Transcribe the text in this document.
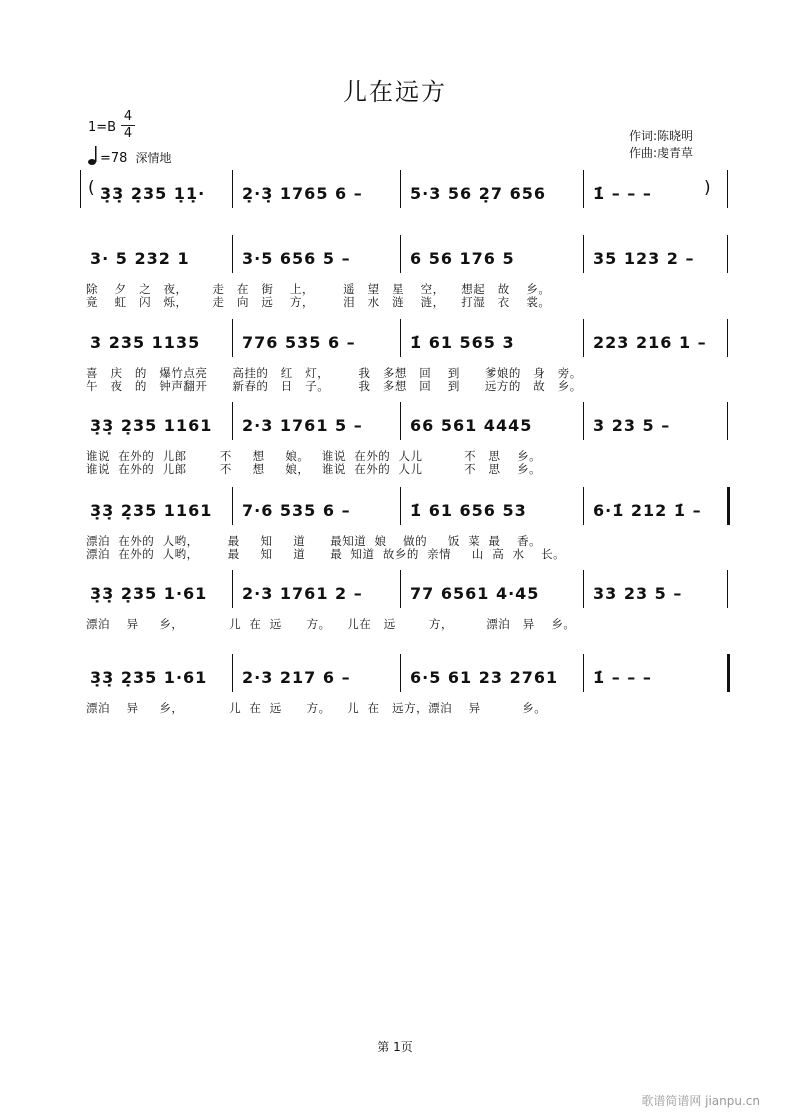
儿在远方
1=B
4
4
=78 深情地
作词:陈晓明
作曲:虔青草
(	)
3̣3̣ 2̣35 1̣1̣· 2̣·3̣ 1765 6 –	5·3 56 2̣7 656	1̇ – – –
3· 5 232 1	3·5 656 5 –	6 56 176 5	35 123 2 –
除    夕   之   夜，      走   在   街    上，       遥   望   星    空，    想起   故    乡。
竟    虹   闪   烁，      走   向   远    方，       泪   水   涟    涟，    打湿   衣    裳。
3 235 1135	776 535 6 –	1̇ 61 565 3	223 216 1 –
喜   庆   的   爆竹点亮      高挂的   红   灯，       我   多想   回    到      爹娘的   身   旁。
午   夜   的   钟声翻开      新春的   日   子。       我   多想   回    到      远方的   故   乡。
3̣3̣ 2̣35 1161 2·3 1761 5 –	66 561 4445	3 23 5 –
谁说  在外的  儿郎        不     想     娘。   谁说  在外的  人儿          不   思    乡。
谁说  在外的  儿郎        不     想     娘，   谁说  在外的  人儿          不   思    乡。
3̣3̣ 2̣35 1161 7·6 535 6 –	1̇ 61 656 53	6·1̇ 212 1̇ –
漂泊  在外的  人哟，       最     知     道      最知道  娘    做的     饭  菜  最    香。
漂泊  在外的  人哟，       最     知     道      最  知道  故乡的  亲情     山  高  水    长。
3̣3̣ 2̣35 1·61 2·3 1761 2 –	77 6561 4·45	33 23 5 –
漂泊    异     乡，           儿  在  远      方。    儿在   远        方，        漂泊   异    乡。
3̣3̣ 2̣35 1·61 2·3 217 6 –	6·5 61 23 2761 1̇ – – –
漂泊    异     乡，           儿  在  远      方。    儿  在   远方，漂泊    异          乡。
第 1页
歌谱简谱网 jianpu.cn
